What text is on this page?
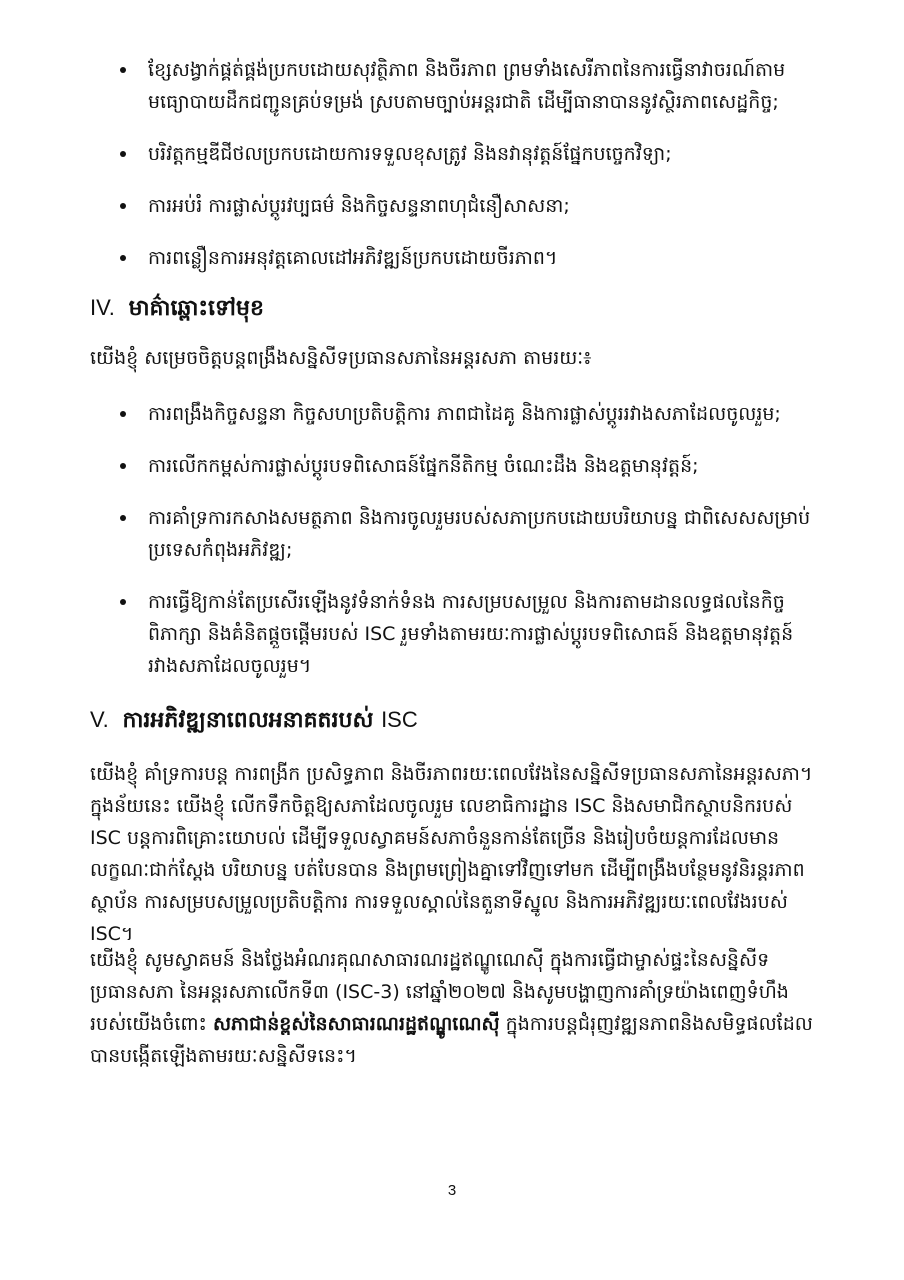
ខ្សែសង្វាក់ផ្គត់ផ្គង់ប្រកបដោយសុវត្ថិភាព និងចីរភាព ព្រមទាំងសេរីភាពនៃការធ្វើនាវាចរណ៍តាមមធ្យោបាយដឹកជញ្ជូនគ្រប់ទម្រង់ ស្របតាមច្បាប់អន្តរជាតិ ដើម្បីធានាបាននូវស្ថិរភាពសេដ្ឋកិច្ច;
បរិវត្តកម្មឌីជីថលប្រកបដោយការទទួលខុសត្រូវ និងនវានុវត្តន៍ផ្នែកបច្ចេកវិទ្យា;
ការអប់រំ ការផ្លាស់ប្តូរវប្បធម៌ និងកិច្ចសន្ទនាពហុជំនឿសាសនា;
ការពន្លឿនការអនុវត្តគោលដៅអភិវឌ្ឍន៍ប្រកបដោយចីរភាព។
IV. មាគ៌ាឆ្ពោះទៅមុខ

យើងខ្ញុំ សម្រេចចិត្តបន្តពង្រឹងសន្និសីទប្រធានសភានៃអន្តរសភា តាមរយៈ៖

ការពង្រឹងកិច្ចសន្ទនា កិច្ចសហប្រតិបត្តិការ ភាពជាដៃគូ និងការផ្លាស់ប្តូររវាងសភាដែលចូលរួម;
ការលើកកម្ពស់ការផ្លាស់ប្តូរបទពិសោធន៍ផ្នែកនីតិកម្ម ចំណេះដឹង និងឧត្តមានុវត្តន៍;
ការគាំទ្រការកសាងសមត្ថភាព និងការចូលរួមរបស់សភាប្រកបដោយបរិយាបន្ន ជាពិសេសសម្រាប់ប្រទេសកំពុងអភិវឌ្ឍ;
ការធ្វើឱ្យកាន់តែប្រសើរឡើងនូវទំនាក់ទំនង ការសម្របសម្រួល និងការតាមដានលទ្ធផលនៃកិច្ចពិភាក្សា និងគំនិតផ្តួចផ្តើមរបស់ ISC រួមទាំងតាមរយៈការផ្លាស់ប្តូរបទពិសោធន៍ និងឧត្តមានុវត្តន៍រវាងសភាដែលចូលរួម។
V. ការអភិវឌ្ឍនាពេលអនាគតរបស់ ISC

យើងខ្ញុំ គាំទ្រការបន្ត ការពង្រីក ប្រសិទ្ធភាព និងចីរភាពរយៈពេលវែងនៃសន្និសីទប្រធានសភានៃអន្តរសភា។ ក្នុងន័យនេះ យើងខ្ញុំ លើកទឹកចិត្តឱ្យសភាដែលចូលរួម លេខាធិការដ្ឋាន ISC និងសមាជិកស្ថាបនិករបស់ ISC បន្តការពិគ្រោះយោបល់ ដើម្បីទទួលស្វាគមន៍សភាចំនួនកាន់តែច្រើន និងរៀបចំយន្តការដែលមានលក្ខណៈជាក់ស្តែង បរិយាបន្ន បត់បែនបាន និងព្រមព្រៀងគ្នាទៅវិញទៅមក ដើម្បីពង្រឹងបន្ថែមនូវនិរន្តរភាពស្ថាប័ន ការសម្របសម្រួលប្រតិបត្តិការ ការទទួលស្គាល់នៃតួនាទីស្នូល និងការអភិវឌ្ឍរយៈពេលវែងរបស់ ISC។

យើងខ្ញុំ សូមស្វាគមន៍ និងថ្លែងអំណរគុណសាធារណរដ្ឋឥណ្ឌូណេស៊ី ក្នុងការធ្វើជាម្ចាស់ផ្ទះនៃសន្និសីទប្រធានសភា នៃអន្តរសភាលើកទី៣ (ISC-3) នៅឆ្នាំ២០២៧ និងសូមបង្ហាញការគាំទ្រយ៉ាងពេញទំហឹងរបស់យើងចំពោះ សភាជាន់ខ្ពស់នៃសាធារណរដ្ឋឥណ្ឌូណេស៊ី ក្នុងការបន្តជំរុញវឌ្ឍនភាពនិងសមិទ្ធផលដែលបានបង្កើតឡើងតាមរយៈសន្និសីទនេះ។

3
